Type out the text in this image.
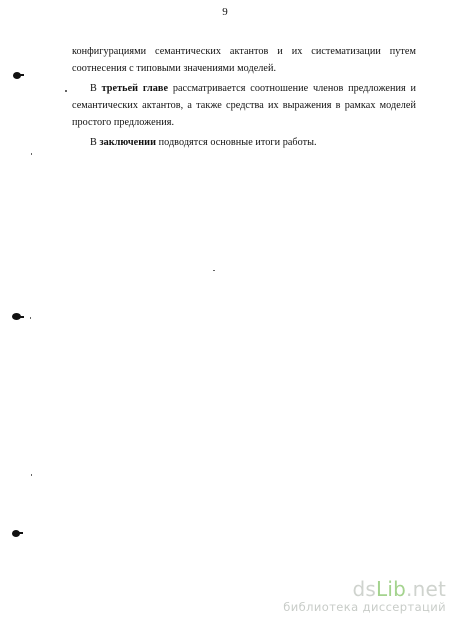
9
конфигурациями семантических актантов и их систематизации путем
соотнесения с типовыми значениями моделей.
В третьей главе рассматривается соотношение членов предложения и
семантических актантов, а также средства их выражения в рамках моделей
простого предложения.
В заключении подводятся основные итоги работы.
dsLib.net
библиотека диссертаций
